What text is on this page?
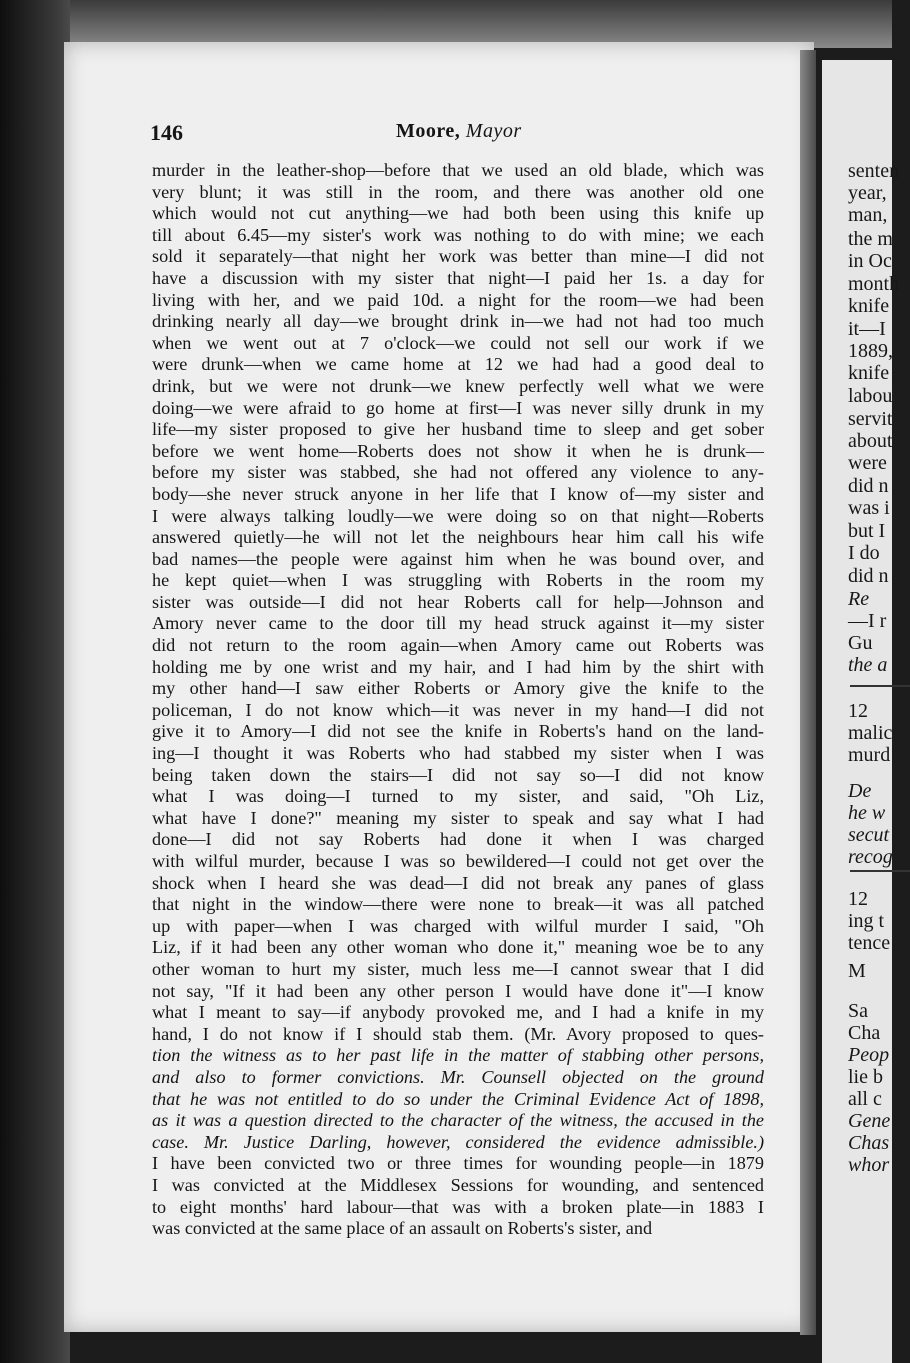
146	Moore, Mayor
murder in the leather-shop—before that we used an old blade, which was
very blunt; it was still in the room, and there was another old one
which would not cut anything—we had both been using this knife up
till about 6.45—my sister's work was nothing to do with mine; we each
sold it separately—that night her work was better than mine—I did not
have a discussion with my sister that night—I paid her 1s. a day for
living with her, and we paid 10d. a night for the room—we had been
drinking nearly all day—we brought drink in—we had not had too much
when we went out at 7 o'clock—we could not sell our work if we
were drunk—when we came home at 12 we had had a good deal to
drink, but we were not drunk—we knew perfectly well what we were
doing—we were afraid to go home at first—I was never silly drunk in my
life—my sister proposed to give her husband time to sleep and get sober
before we went home—Roberts does not show it when he is drunk—
before my sister was stabbed, she had not offered any violence to any-
body—she never struck anyone in her life that I know of—my sister and
I were always talking loudly—we were doing so on that night—Roberts
answered quietly—he will not let the neighbours hear him call his wife
bad names—the people were against him when he was bound over, and
he kept quiet—when I was struggling with Roberts in the room my
sister was outside—I did not hear Roberts call for help—Johnson and
Amory never came to the door till my head struck against it—my sister
did not return to the room again—when Amory came out Roberts was
holding me by one wrist and my hair, and I had him by the shirt with
my other hand—I saw either Roberts or Amory give the knife to the
policeman, I do not know which—it was never in my hand—I did not
give it to Amory—I did not see the knife in Roberts's hand on the land-
ing—I thought it was Roberts who had stabbed my sister when I was
being taken down the stairs—I did not say so—I did not know
what I was doing—I turned to my sister, and said, "Oh Liz,
what have I done?" meaning my sister to speak and say what I had
done—I did not say Roberts had done it when I was charged
with wilful murder, because I was so bewildered—I could not get over the
shock when I heard she was dead—I did not break any panes of glass
that night in the window—there were none to break—it was all patched
up with paper—when I was charged with wilful murder I said, "Oh
Liz, if it had been any other woman who done it," meaning woe be to any
other woman to hurt my sister, much less me—I cannot swear that I did
not say, "If it had been any other person I would have done it"—I know
what I meant to say—if anybody provoked me, and I had a knife in my
hand, I do not know if I should stab them. (Mr. Avory proposed to ques-
tion the witness as to her past life in the matter of stabbing other persons,
and also to former convictions. Mr. Counsell objected on the ground
that he was not entitled to do so under the Criminal Evidence Act of 1898,
as it was a question directed to the character of the witness, the accused in the
case. Mr. Justice Darling, however, considered the evidence admissible.)
I have been convicted two or three times for wounding people—in 1879
I was convicted at the Middlesex Sessions for wounding, and sentenced
to eight months' hard labour—that was with a broken plate—in 1883 I
was convicted at the same place of an assault on Roberts's sister, and
senten
year,
man,
the m
in Oc
month
knife
it—I
1889,
knife
labou
servit
about
were
did n
was i
but I
I do
did n
Re
—I r
Gu
the a
12
malic
murd
De
he w
secut
recog
12
ing t
tence
M
Sa
Cha
Peop
lie b
all c
Gene
Chas
whor
